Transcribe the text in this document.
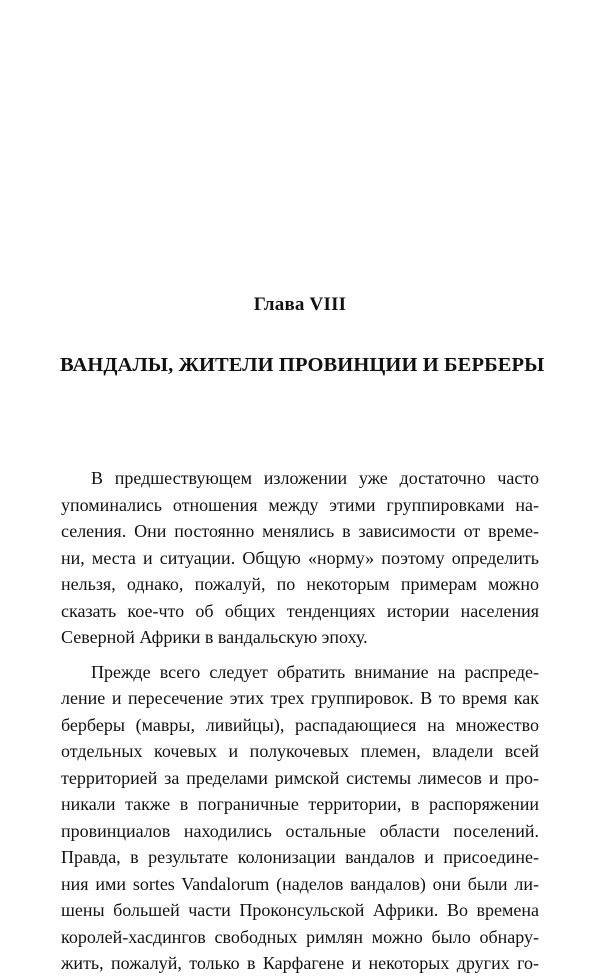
Глава VIII
ВАНДАЛЫ, ЖИТЕЛИ ПРОВИНЦИИ И БЕРБЕРЫ
В предшествующем изложении уже достаточно часто
упоминались отношения между этими группировками на-
селения. Они постоянно менялись в зависимости от време-
ни, места и ситуации. Общую «норму» поэтому определить
нельзя, однако, пожалуй, по некоторым примерам можно
сказать кое-что об общих тенденциях истории населения
Северной Африки в вандальскую эпоху.
Прежде всего следует обратить внимание на распреде-
ление и пересечение этих трех группировок. В то время как
берберы (мавры, ливийцы), распадающиеся на множество
отдельных кочевых и полукочевых племен, владели всей
территорией за пределами римской системы лимесов и про-
никали также в пограничные территории, в распоряжении
провинциалов находились остальные области поселений.
Правда, в результате колонизации вандалов и присоедине-
ния ими sortes Vandalorum (наделов вандалов) они были ли-
шены большей части Проконсульской Африки. Во времена
королей-хасдингов свободных римлян можно было обнару-
жить, пожалуй, только в Карфагене и некоторых других го-
